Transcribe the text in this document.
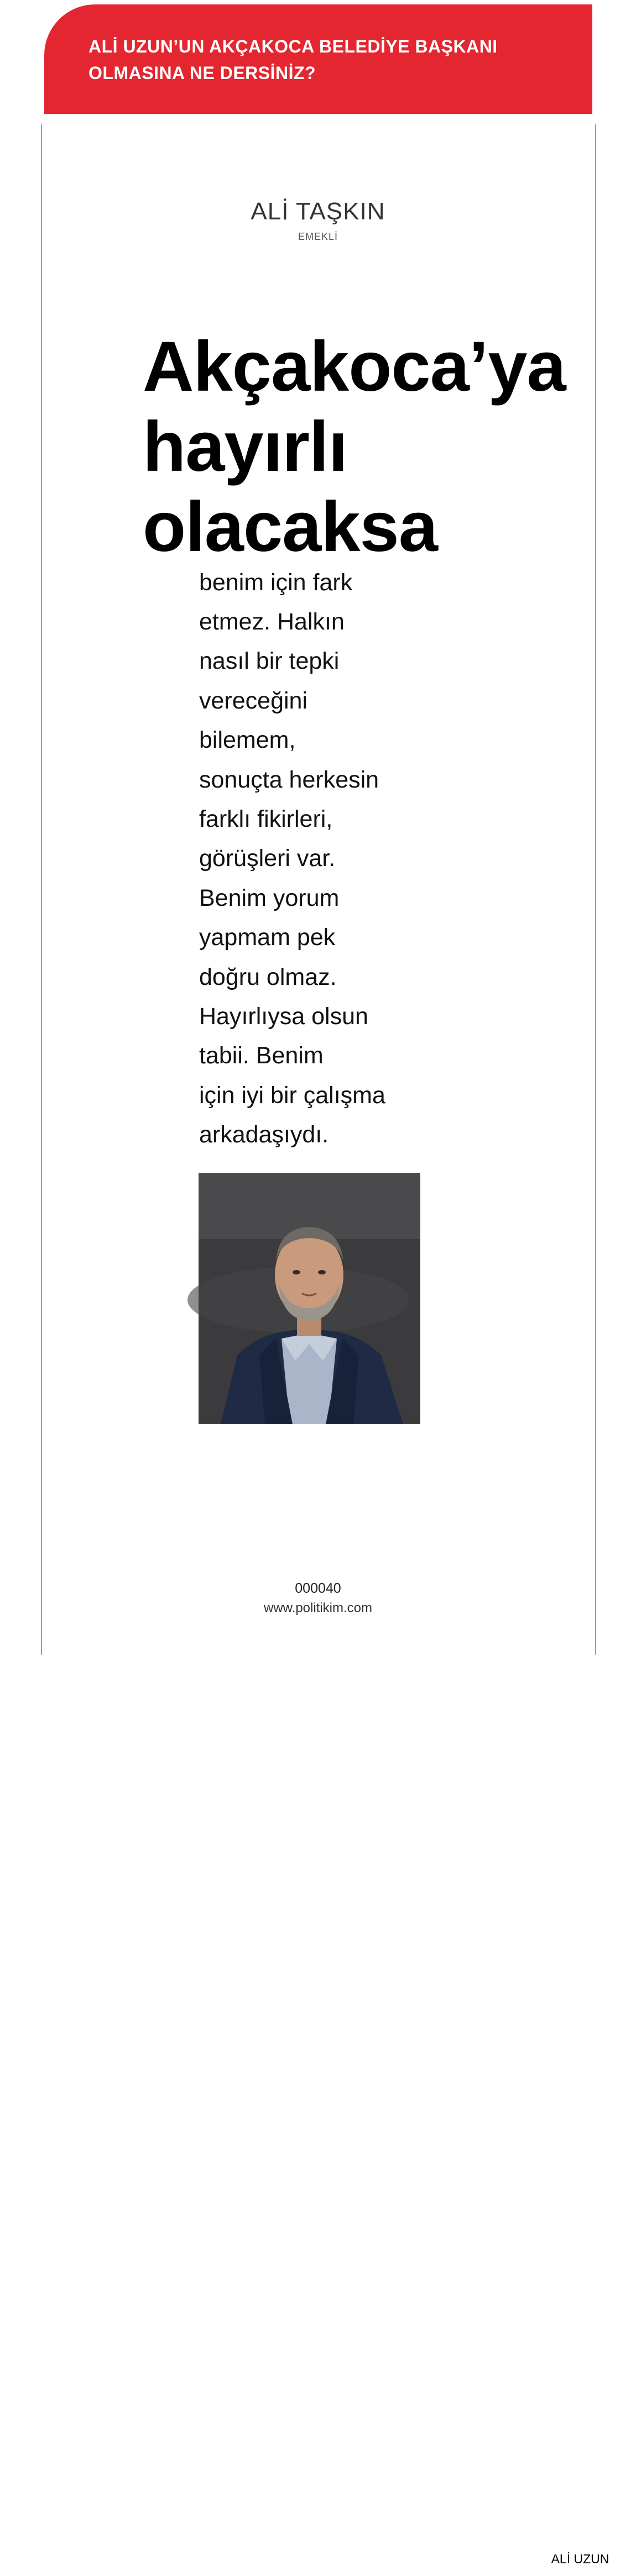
ALİ UZUN’UN AKÇAKOCA BELEDİYE BAŞKANI
OLMASINA NE DERSİNİZ?
ALİ TAŞKIN
EMEKLİ
Akçakoca’ya
hayırlı
olacaksa
benim için fark
etmez. Halkın
nasıl bir tepki
vereceğini
bilemem,
sonuçta herkesin
farklı fikirleri,
görüşleri var.
Benim yorum
yapmam pek
doğru olmaz.
Hayırlıysa olsun
tabii. Benim
için iyi bir çalışma
arkadaşıydı.
ALİ UZUN
000040
www.politikim.com
